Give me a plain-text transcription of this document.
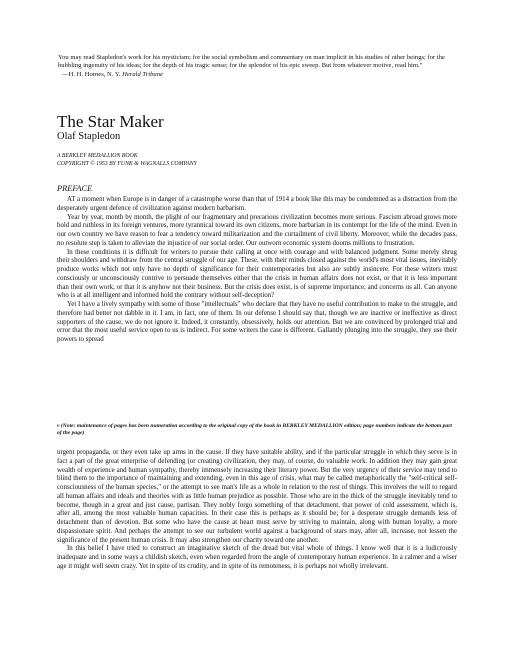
You may read Stapledon's work for his mysticism; for the social symbolism and commentary on man implicit in his studies of other beings; for the bubbling ingenuity of his ideas; for the depth of his tragic sense; for the splendor of his epic sweep. But from whatever motive, read him."
—H. H. Hornes, N. Y. Herald Tribune
The Star Maker
Olaf Stapledon
A BERKLEY MEDALLION BOOK
COPYRIGHT © 1953 BY FUNK & WAGNALLS COMPANY
PREFACE

AT a moment when Europe is in danger of a catastrophe worse than that of 1914 a book like this may be condemned as a distraction from the desperately urgent defence of civilization against modern barbarism.

Year by year, month by month, the plight of our fragmentary and precarious civilization becomes more serious. Fascism abroad grows more bold and ruthless in its foreign ventures, more tyrannical toward its own citizens, more barbarian in its contempt for the life of the mind. Even in our own country we have reason to fear a tendency toward militarization and the curtailment of civil liberty. Moreover, while the decades pass, no resolute step is taken to alleviate the injustice of our social order. Our outworn economic system dooms millions to frustration.

In these conditions it is difficult for writers to pursue their calling at once with courage and with balanced judgment. Some merely shrug their shoulders and withdraw from the central struggle of our age. These, with their minds closed against the world's most vital issues, inevitably produce works which not only have no depth of significance for their contemporaries but also are subtly insincere. For these writers must consciously or unconsciously contrive to persuade themselves either that the crisis in human affairs does not exist, or that it is less important than their own work, or that it is anyhow not their business. But the crisis does exist, is of supreme importance, and concerns us all. Can anyone who is at all intelligent and informed hold the contrary without self-deception?

Yet I have a lively sympathy with some of those "intellectuals" who declare that they have no useful contribution to make to the struggle, and therefore had better not dabble in it. I am, in fact, one of them. In our defense I should say that, though we are inactive or ineffective as direct supporters of the cause, we do not ignore it. Indeed, it constantly, obsessively, holds our attention. But we are convinced by prolonged trial and error that the most useful service open to us is indirect. For some writers the case is different. Gallantly plunging into the struggle, they use their powers to spread

v (Note: maintenance of pages has been numeration according to the original copy of the book in BERKLEY MEDALLION edition; page numbers indicate the bottom part of the page)

urgent propaganda, or they even take up arms in the cause. If they have suitable ability, and if the particular struggle in which they serve is in fact a part of the great enterprise of defending (or creating) civilization, they may, of course, do valuable work. In addition they may gain great wealth of experience and human sympathy, thereby immensely increasing their literary power. But the very urgency of their service may tend to blind them to the importance of maintaining and extending, even in this age of crisis, what may be called metaphorically the "self-critical self-consciousness of the human species," or the attempt to see man's life as a whole in relation to the rest of things. This involves the will to regard all human affairs and ideals and theories with as little human prejudice as possible. Those who are in the thick of the struggle inevitably tend to become, though in a great and just cause, partisan. They nobly forgo something of that detachment, that power of cold assessment, which is, after all, among the most valuable human capacities. In their case this is perhaps as it should be; for a desperate struggle demands less of detachment than of devotion. But some who have the cause at heart must serve by striving to maintain, along with human loyalty, a more dispassionate spirit. And perhaps the attempt to see our turbulent world against a background of stars may, after all, increase, not lessen the significance of the present human crisis. It may also strengthen our charity toward one another.

In this belief I have tried to construct an imaginative sketch of the dread but vital whole of things. I know well that it is a ludicrously inadequate and in some ways a childish sketch, even when regarded from the angle of contemporary human experience. In a calmer and a wiser age it might well seem crazy. Yet in spite of its crudity, and in spite of its remoteness, it is perhaps not wholly irrelevant.
